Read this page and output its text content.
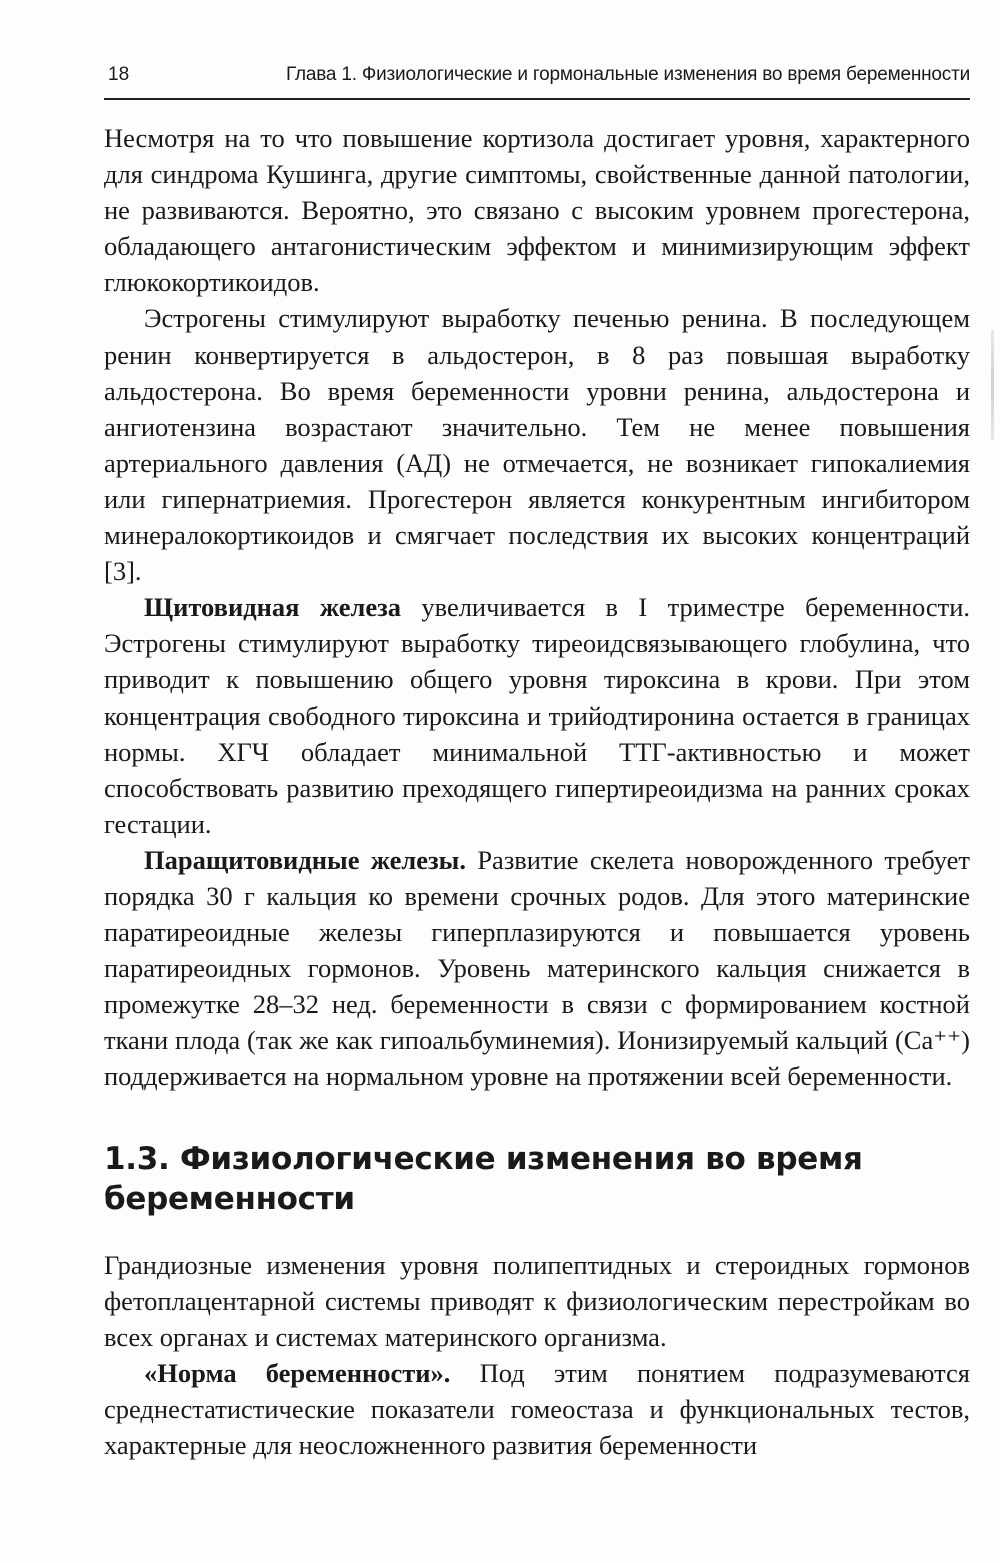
18	Глава 1. Физиологические и гормональные изменения во время беременности

Несмотря на то что повышение кортизола достигает уровня, характерного для синдрома Кушинга, другие симптомы, свойственные данной патологии, не развиваются. Вероятно, это связано с высоким уровнем прогестерона, обладающего антагонистическим эффектом и минимизирующим эффект глюкокортикоидов.

Эстрогены стимулируют выработку печенью ренина. В последующем ренин конвертируется в альдостерон, в 8 раз повышая выработку альдостерона. Во время беременности уровни ренина, альдостерона и ангиотензина возрастают значительно. Тем не менее повышения артериального давления (АД) не отмечается, не возникает гипокалиемия или гипернатриемия. Прогестерон является конкурентным ингибитором минералокортикоидов и смягчает последствия их высоких концентраций [3].

Щитовидная железа увеличивается в I триместре беременности. Эстрогены стимулируют выработку тиреоидсвязывающего глобулина, что приводит к повышению общего уровня тироксина в крови. При этом концентрация свободного тироксина и трийодтиронина остается в границах нормы. ХГЧ обладает минимальной ТТГ-активностью и может способствовать развитию преходящего гипертиреоидизма на ранних сроках гестации.

Паращитовидные железы. Развитие скелета новорожденного требует порядка 30 г кальция ко времени срочных родов. Для этого материнские паратиреоидные железы гиперплазируются и повышается уровень паратиреоидных гормонов. Уровень материнского кальция снижается в промежутке 28–32 нед. беременности в связи с формированием костной ткани плода (так же как гипоальбуминемия). Ионизируемый кальций (Ca⁺⁺) поддерживается на нормальном уровне на протяжении всей беременности.

1.3. Физиологические изменения во время беременности

Грандиозные изменения уровня полипептидных и стероидных гормонов фетоплацентарной системы приводят к физиологическим перестройкам во всех органах и системах материнского организма.

«Норма беременности». Под этим понятием подразумеваются среднестатистические показатели гомеостаза и функциональных тестов, характерные для неосложненного развития беременности
